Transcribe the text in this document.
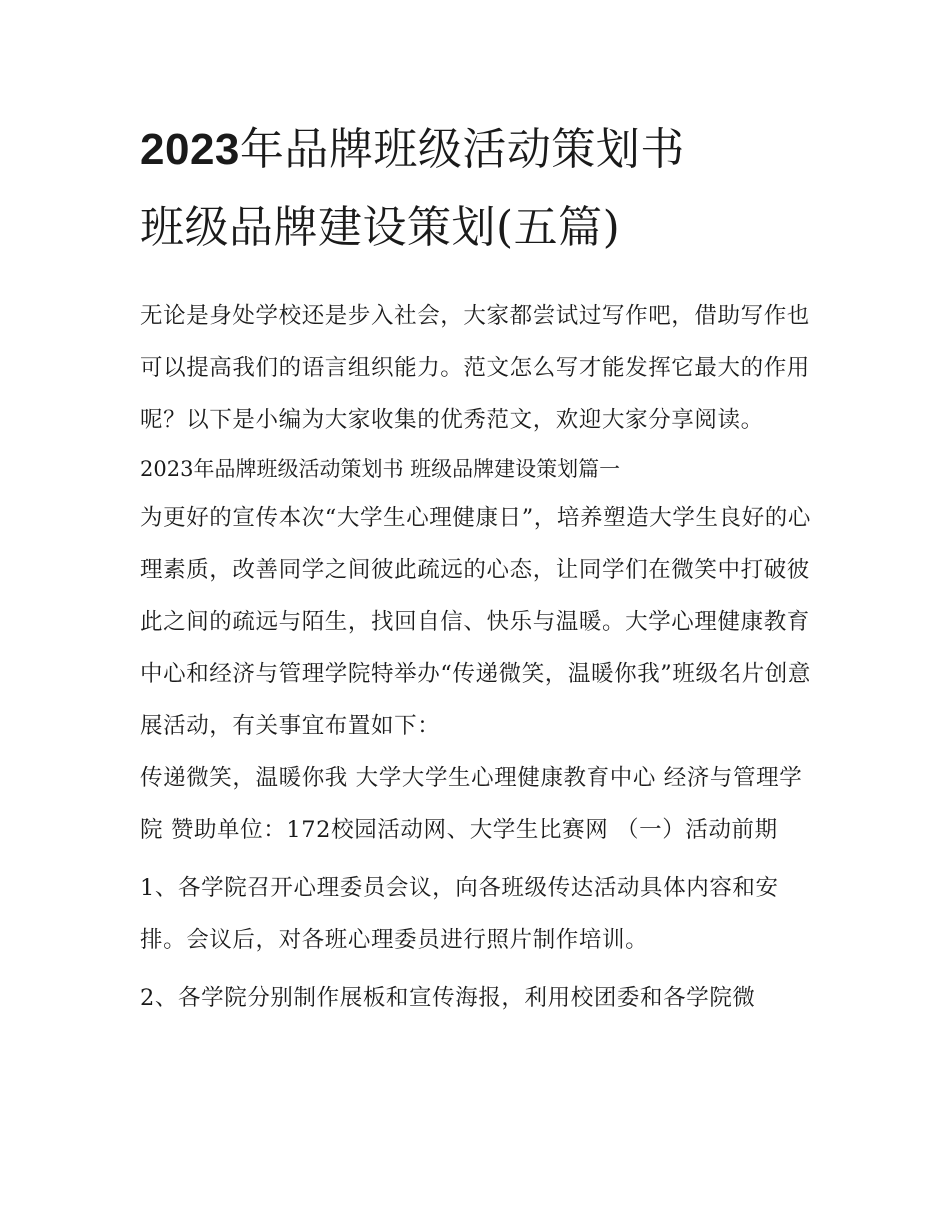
2023年品牌班级活动策划书
班级品牌建设策划(五篇)

无论是身处学校还是步入社会，大家都尝试过写作吧，借助写作也可以提高我们的语言组织能力。范文怎么写才能发挥它最大的作用呢？以下是小编为大家收集的优秀范文，欢迎大家分享阅读。

2023年品牌班级活动策划书 班级品牌建设策划篇一

为更好的宣传本次“大学生心理健康日”，培养塑造大学生良好的心理素质，改善同学之间彼此疏远的心态，让同学们在微笑中打破彼此之间的疏远与陌生，找回自信、快乐与温暖。大学心理健康教育中心和经济与管理学院特举办“传递微笑，温暖你我”班级名片创意展活动，有关事宜布置如下：

传递微笑，温暖你我 大学大学生心理健康教育中心 经济与管理学院 赞助单位：172校园活动网、大学生比赛网 （一）活动前期

1、各学院召开心理委员会议，向各班级传达活动具体内容和安排。会议后，对各班心理委员进行照片制作培训。

2、各学院分别制作展板和宣传海报，利用校团委和各学院微
